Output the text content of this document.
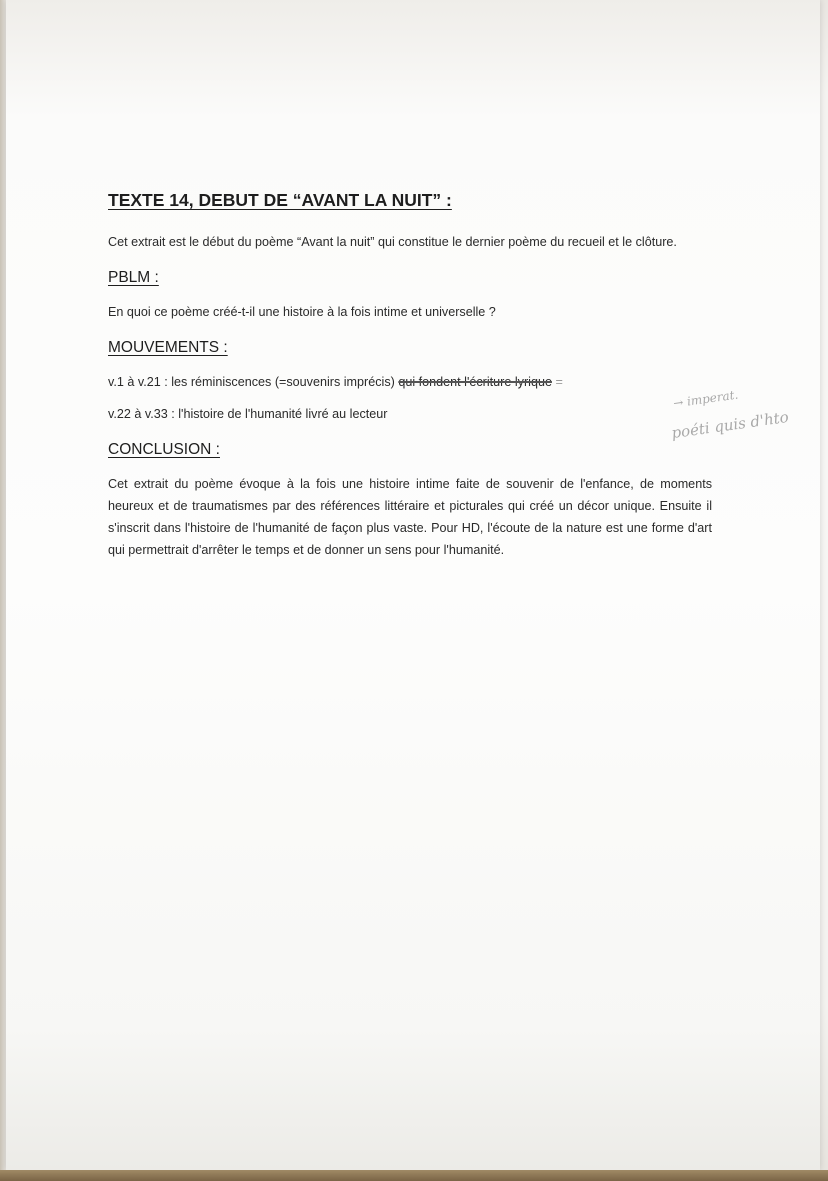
TEXTE 14, DEBUT DE “AVANT LA NUIT” :

Cet extrait est le début du poème “Avant la nuit” qui constitue le dernier poème du recueil et le clôture.

PBLM :

En quoi ce poème créé-t-il une histoire à la fois intime et universelle ?

MOUVEMENTS :

v.1 à v.21 : les réminiscences (=souvenirs imprécis) qui fondent l'écriture lyrique =

v.22 à v.33 : l'histoire de l'humanité livré au lecteur

CONCLUSION :

Cet extrait du poème évoque à la fois une histoire intime faite de souvenir de l'enfance, de moments heureux et de traumatismes par des références littéraire et picturales qui créé un décor unique. Ensuite il s'inscrit dans l'histoire de l'humanité de façon plus vaste. Pour HD, l'écoute de la nature est une forme d'art qui permettrait d'arrêter le temps et de donner un sens pour l'humanité.

→ imperat.
poéti quis d'hto
